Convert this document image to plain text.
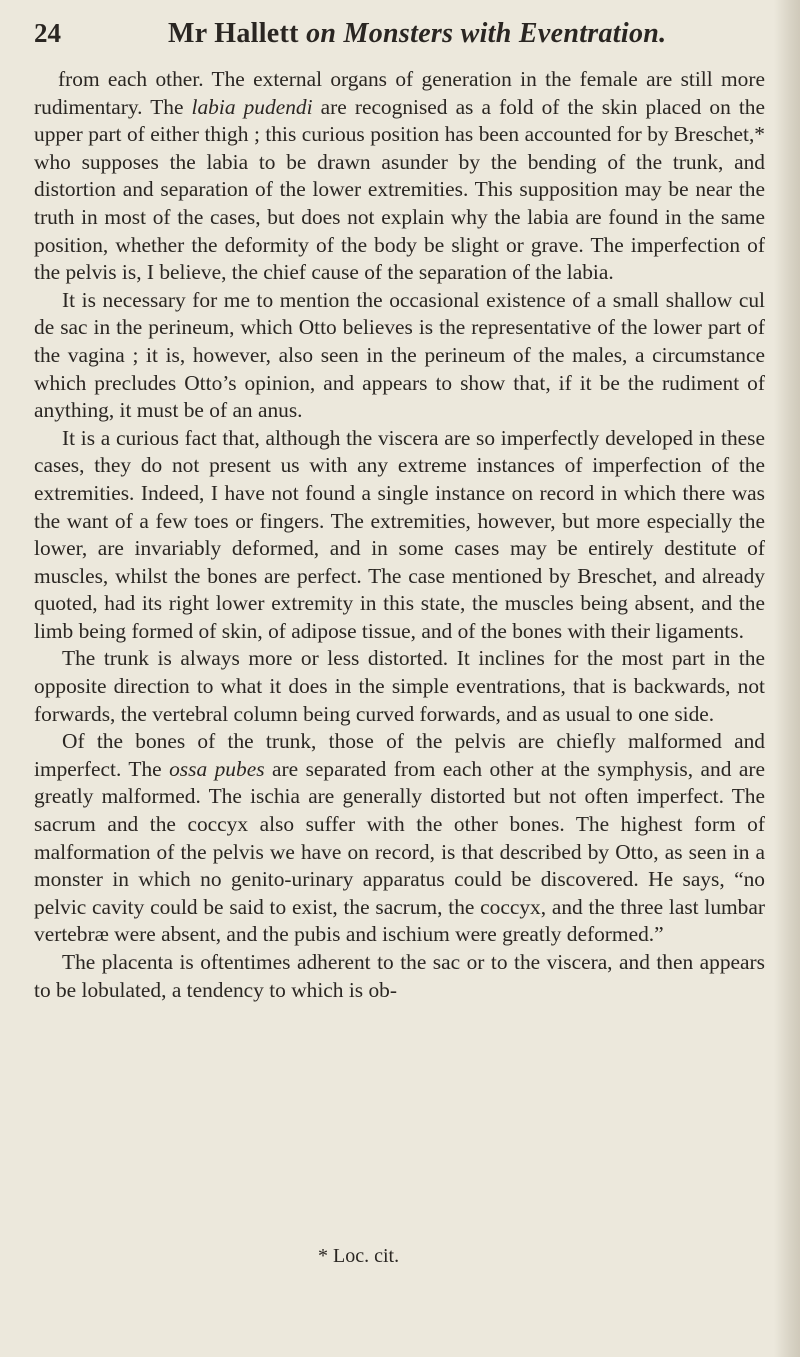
24	Mr Hallett on Monsters with Eventration.

from each other. The external organs of generation in the female are still more rudimentary. The labia pudendi are recognised as a fold of the skin placed on the upper part of either thigh ; this curious position has been accounted for by Breschet,* who supposes the labia to be drawn asunder by the bending of the trunk, and distortion and separation of the lower extremities. This supposition may be near the truth in most of the cases, but does not explain why the labia are found in the same position, whether the deformity of the body be slight or grave. The imperfection of the pelvis is, I believe, the chief cause of the separation of the labia.

It is necessary for me to mention the occasional existence of a small shallow cul de sac in the perineum, which Otto believes is the representative of the lower part of the vagina ; it is, however, also seen in the perineum of the males, a circumstance which precludes Otto’s opinion, and appears to show that, if it be the rudiment of anything, it must be of an anus.

It is a curious fact that, although the viscera are so imperfectly developed in these cases, they do not present us with any extreme instances of imperfection of the extremities. Indeed, I have not found a single instance on record in which there was the want of a few toes or fingers. The extremities, however, but more especially the lower, are invariably deformed, and in some cases may be entirely destitute of muscles, whilst the bones are perfect. The case mentioned by Breschet, and already quoted, had its right lower extremity in this state, the muscles being absent, and the limb being formed of skin, of adipose tissue, and of the bones with their ligaments.

The trunk is always more or less distorted. It inclines for the most part in the opposite direction to what it does in the simple eventrations, that is backwards, not forwards, the vertebral column being curved forwards, and as usual to one side.

Of the bones of the trunk, those of the pelvis are chiefly malformed and imperfect. The ossa pubes are separated from each other at the symphysis, and are greatly malformed. The ischia are generally distorted but not often imperfect. The sacrum and the coccyx also suffer with the other bones. The highest form of malformation of the pelvis we have on record, is that described by Otto, as seen in a monster in which no genito-urinary apparatus could be discovered. He says, “no pelvic cavity could be said to exist, the sacrum, the coccyx, and the three last lumbar vertebræ were absent, and the pubis and ischium were greatly deformed.”

The placenta is oftentimes adherent to the sac or to the viscera, and then appears to be lobulated, a tendency to which is ob-

* Loc. cit.
